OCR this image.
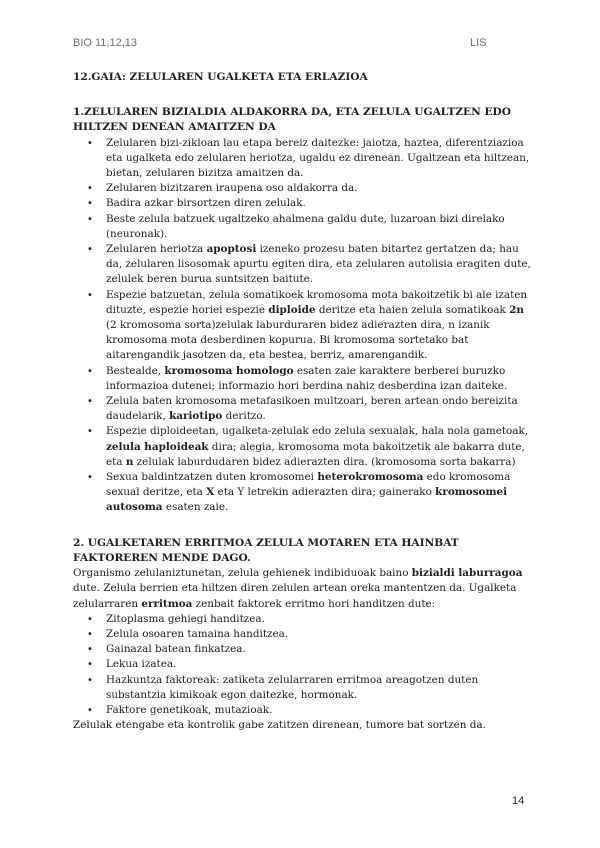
BIO 11,12,13	LIS

12.GAIA: ZELULAREN UGALKETA ETA ERLAZIOA

1.ZELULAREN BIZIALDIA ALDAKORRA DA, ETA ZELULA UGALTZEN EDO HILTZEN DENEAN AMAITZEN DA

• Zelularen bizi-zikloan lau etapa bereiz daitezke: jaiotza, haztea, diferentziazioa eta ugalketa edo zelularen heriotza, ugaldu ez direnean. Ugaltzean eta hiltzean, bietan, zelularen bizitza amaitzen da.
• Zelularen bizitzaren iraupena oso aldakorra da.
• Badira azkar birsortzen diren zelulak.
• Beste zelula batzuek ugaltzeko ahalmena galdu dute, luzaroan bizi direlako (neuronak).
• Zelularen heriotza apoptosi izeneko prozesu baten bitartez gertatzen da; hau da, zelularen lisosomak apurtu egiten dira, eta zelularen autolisia eragiten dute, zelulek beren burua suntsitzen baitute.
• Espezie batzuetan, zelula somatikoek kromosoma mota bakoitzetik bi ale izaten dituzte, espezie horiei espezie diploide deritze eta haien zelula somatikoak 2n (2 kromosoma sorta)zelulak laburduraren bidez adierazten dira, n izanik kromosoma mota desberdinen kopurua. Bi kromosoma sortetako bat aitarengandik jasotzen da, eta bestea, berriz, amarengandik.
• Bestealde, kromosoma homologo esaten zaie karaktere berberei buruzko informazioa dutenei; informazio hori berdina nahiz desberdina izan daiteke.
• Zelula baten kromosoma metafasikoen multzoari, beren artean ondo bereizita daudelarik, kariotipo deritzo.
• Espezie diploideetan, ugalketa-zelulak edo zelula sexualak, hala nola gametoak, zelula haploideak dira; alegia, kromosoma mota bakoitzetik ale bakarra dute, eta n zelulak laburdudaren bidez adierazten dira. (kromosoma sorta bakarra)
• Sexua baldintzatzen duten kromosomei heterokromosoma edo kromosoma sexual deritze, eta X eta Y letrekin adierazten dira; gainerako kromosomei autosoma esaten zaie.

2. UGALKETAREN ERRITMOA ZELULA MOTAREN ETA HAINBAT FAKTOREREN MENDE DAGO.

Organismo zelulaniztunetan, zelula gehienek indibiduoak baino bizialdi laburragoa dute. Zelula berrien eta hiltzen diren zelulen artean oreka mantentzen da. Ugalketa zelularraren erritmoa zenbait faktorek erritmo hori handitzen dute:

• Zitoplasma gehiegi handitzea.
• Zelula osoaren tamaina handitzea.
• Gainazal batean finkatzea.
• Lekua izatea.
• Hazkuntza faktoreak: zatiketa zelularraren erritmoa areagotzen duten substantzia kimikoak egon daitezke, hormonak.
• Faktore genetikoak, mutazioak.

Zelulak etengabe eta kontrolik gabe zatitzen direnean, tumore bat sortzen da.

14
